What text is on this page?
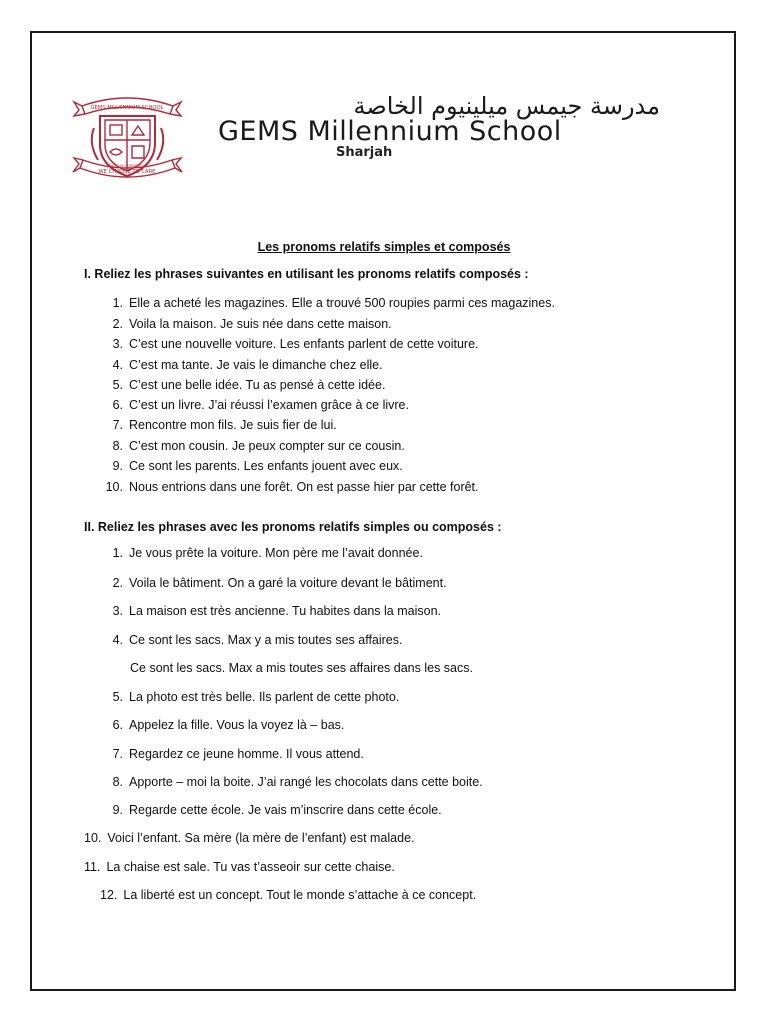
GEMS MILLENNIUM SCHOOL
WE CHOOSE TO CARE
FAITH IN OURSELVES
مدرسة جيمس ميلينيوم الخاصة
GEMS Millennium School
Sharjah
Les pronoms relatifs simples et composés
I. Reliez les phrases suivantes en utilisant les pronoms relatifs composés :
1. Elle a acheté les magazines. Elle a trouvé 500 roupies parmi ces magazines.
2. Voila la maison. Je suis née dans cette maison.
3. C’est une nouvelle voiture. Les enfants parlent de cette voiture.
4. C’est ma tante. Je vais le dimanche chez elle.
5. C’est une belle idée. Tu as pensé à cette idée.
6. C’est un livre. J’ai réussi l’examen grâce à ce livre.
7. Rencontre mon fils. Je suis fier de lui.
8. C’est mon cousin. Je peux compter sur ce cousin.
9. Ce sont les parents. Les enfants jouent avec eux.
10. Nous entrions dans une forêt. On est passe hier par cette forêt.
II. Reliez les phrases avec les pronoms relatifs simples ou composés :
1. Je vous prête la voiture. Mon père me l’avait donnée.
2. Voila le bâtiment. On a garé la voiture devant le bâtiment.
3. La maison est très ancienne. Tu habites dans la maison.
4. Ce sont les sacs. Max y a mis toutes ses affaires.
Ce sont les sacs. Max a mis toutes ses affaires dans les sacs.
5. La photo est très belle. Ils parlent de cette photo.
6. Appelez la fille. Vous la voyez là – bas.
7. Regardez ce jeune homme. Il vous attend.
8. Apporte – moi la boite. J’ai rangé les chocolats dans cette boite.
9. Regarde cette école. Je vais m’inscrire dans cette école.
10. Voici l’enfant. Sa mère (la mère de l’enfant) est malade.
11. La chaise est sale. Tu vas t’asseoir sur cette chaise.
12. La liberté est un concept. Tout le monde s’attache à ce concept.
